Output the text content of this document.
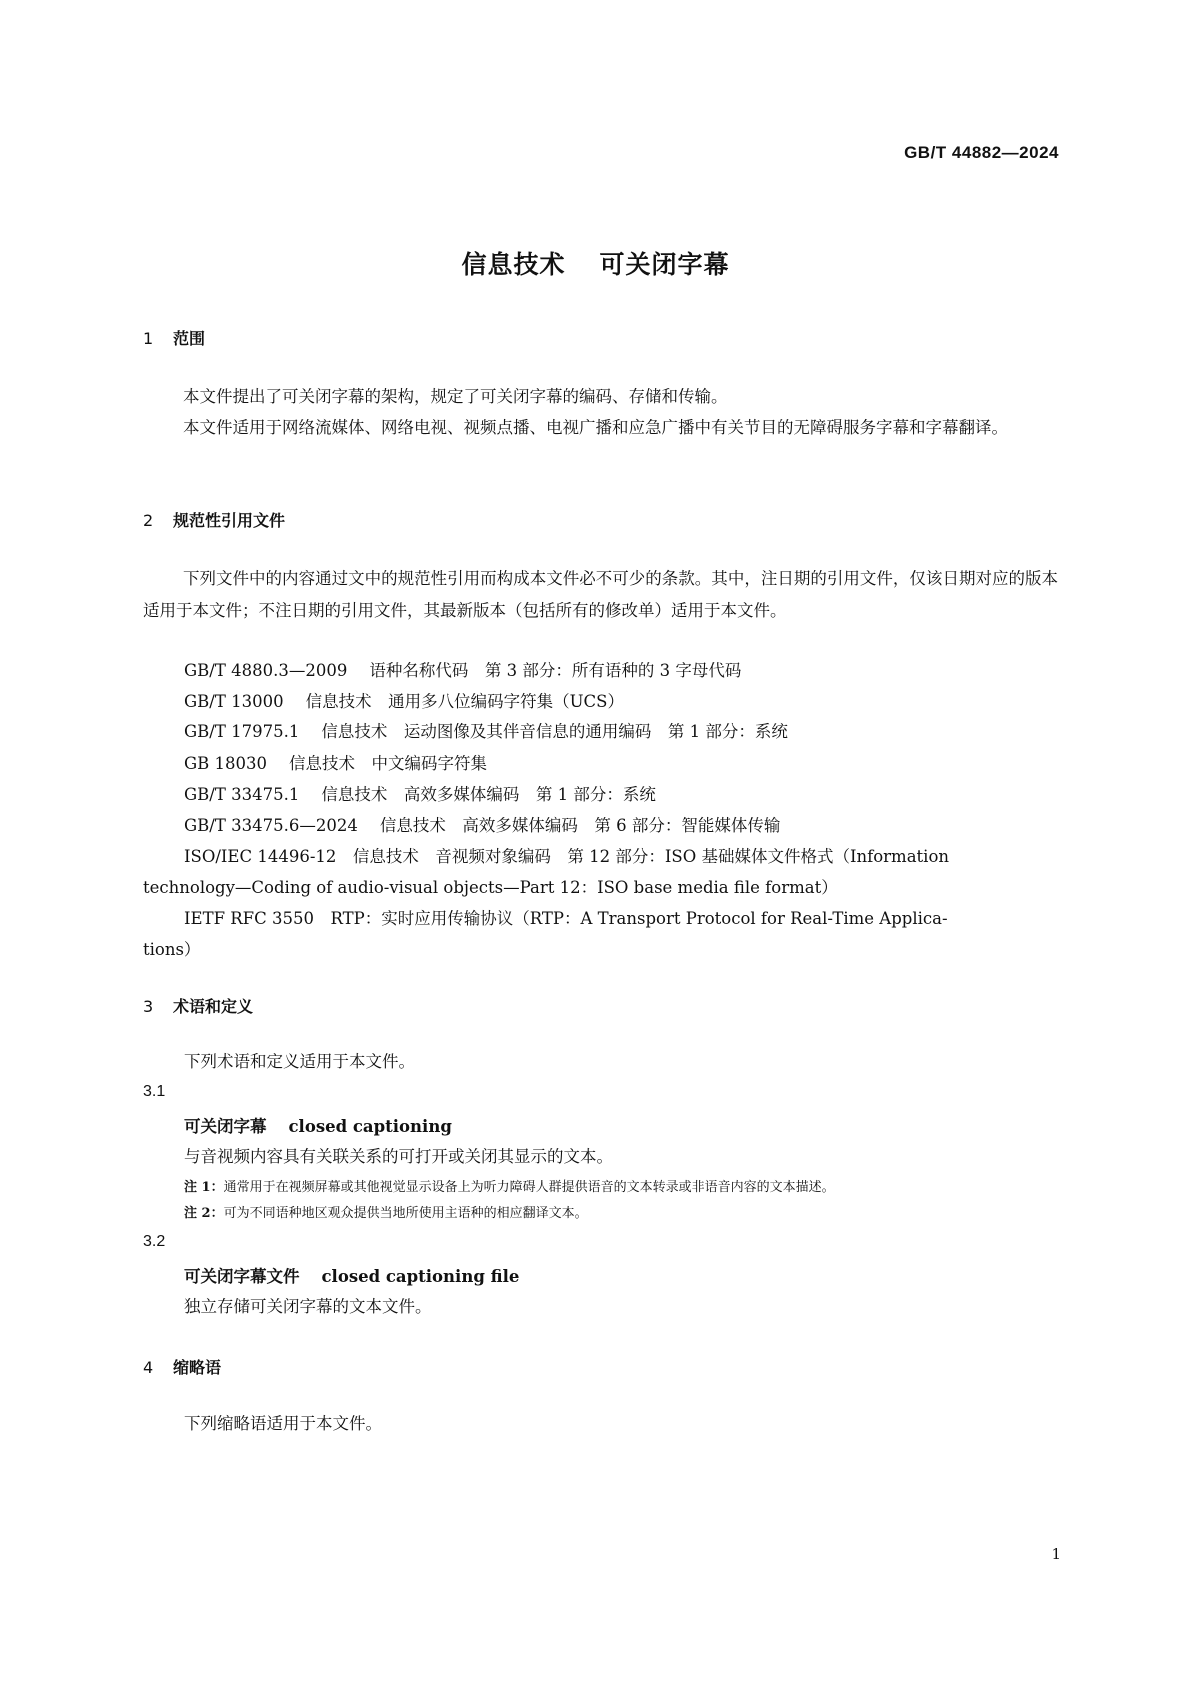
GB/T 44882—2024
信息技术 可关闭字幕
1 范围
本文件提出了可关闭字幕的架构，规定了可关闭字幕的编码、存储和传输。
本文件适用于网络流媒体、网络电视、视频点播、电视广播和应急广播中有关节目的无障碍服务字幕和字幕翻译。
2 规范性引用文件
下列文件中的内容通过文中的规范性引用而构成本文件必不可少的条款。其中，注日期的引用文件，仅该日期对应的版本适用于本文件；不注日期的引用文件，其最新版本（包括所有的修改单）适用于本文件。
GB/T 4880.3—2009 语种名称代码　第 3 部分：所有语种的 3 字母代码
GB/T 13000 信息技术　通用多八位编码字符集（UCS）
GB/T 17975.1 信息技术　运动图像及其伴音信息的通用编码　第 1 部分：系统
GB 18030 信息技术　中文编码字符集
GB/T 33475.1 信息技术　高效多媒体编码　第 1 部分：系统
GB/T 33475.6—2024 信息技术　高效多媒体编码　第 6 部分：智能媒体传输
ISO/IEC 14496-12　信息技术　音视频对象编码　第 12 部分：ISO 基础媒体文件格式（Information
technology—Coding of audio-visual objects—Part 12：ISO base media file format）
IETF RFC 3550　RTP：实时应用传输协议（RTP：A Transport Protocol for Real-Time Applica-
tions）
3 术语和定义
下列术语和定义适用于本文件。
3.1
可关闭字幕 closed captioning
与音视频内容具有关联关系的可打开或关闭其显示的文本。
注 1：通常用于在视频屏幕或其他视觉显示设备上为听力障碍人群提供语音的文本转录或非语音内容的文本描述。
注 2：可为不同语种地区观众提供当地所使用主语种的相应翻译文本。
3.2
可关闭字幕文件 closed captioning file
独立存储可关闭字幕的文本文件。
4 缩略语
下列缩略语适用于本文件。
1
